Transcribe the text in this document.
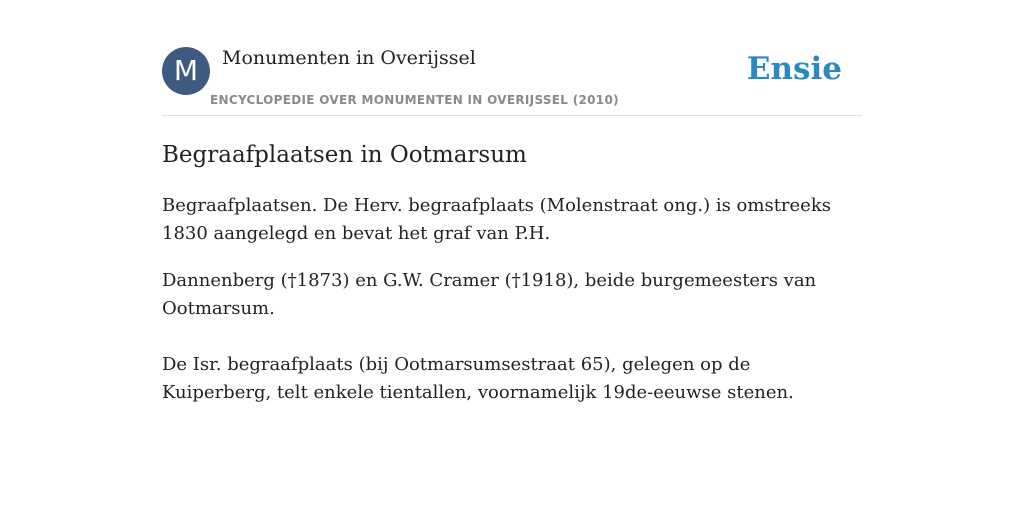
M	Monumenten in Overijssel
ENCYCLOPEDIE OVER MONUMENTEN IN OVERIJSSEL (2010)
Ensie
Begraafplaatsen in Ootmarsum

Begraafplaatsen. De Herv. begraafplaats (Molenstraat ong.) is omstreeks 1830 aangelegd en bevat het graf van P.H.

Dannenberg (†1873) en G.W. Cramer (†1918), beide burgemeesters van Ootmarsum.

De Isr. begraafplaats (bij Ootmarsumsestraat 65), gelegen op de Kuiperberg, telt enkele tientallen, voornamelijk 19de-eeuwse stenen.
